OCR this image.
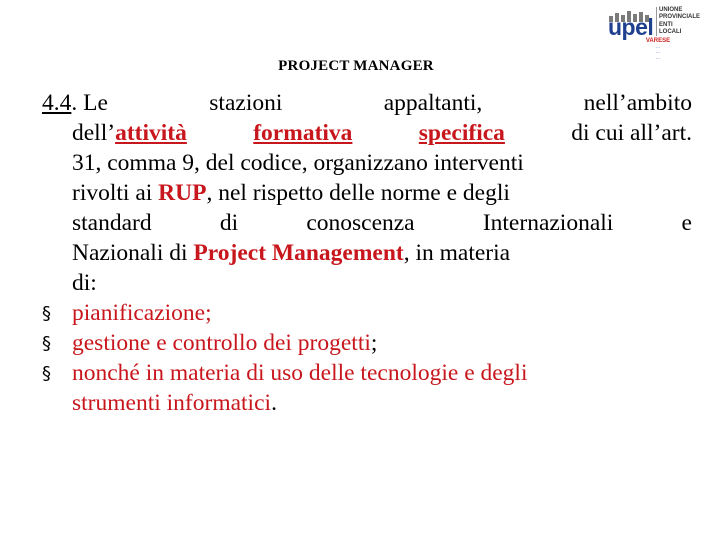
upel
UNIONE
PROVINCIALE
ENTI
LOCALI
VARESE
…
…
…
PROJECT MANAGER
4.4. Le	stazioni	appaltanti,	nell’ambito
dell’attività	formativa	specifica	di cui all’art.
31, comma 9, del codice, organizzano interventi
rivolti ai RUP, nel rispetto delle norme e degli
standard	di	conoscenza	Internazionali	e
Nazionali di Project Management, in materia
di:
§ pianificazione;
§ gestione e controllo dei progetti;
§ nonché in materia di uso delle tecnologie e degli
strumenti informatici.
